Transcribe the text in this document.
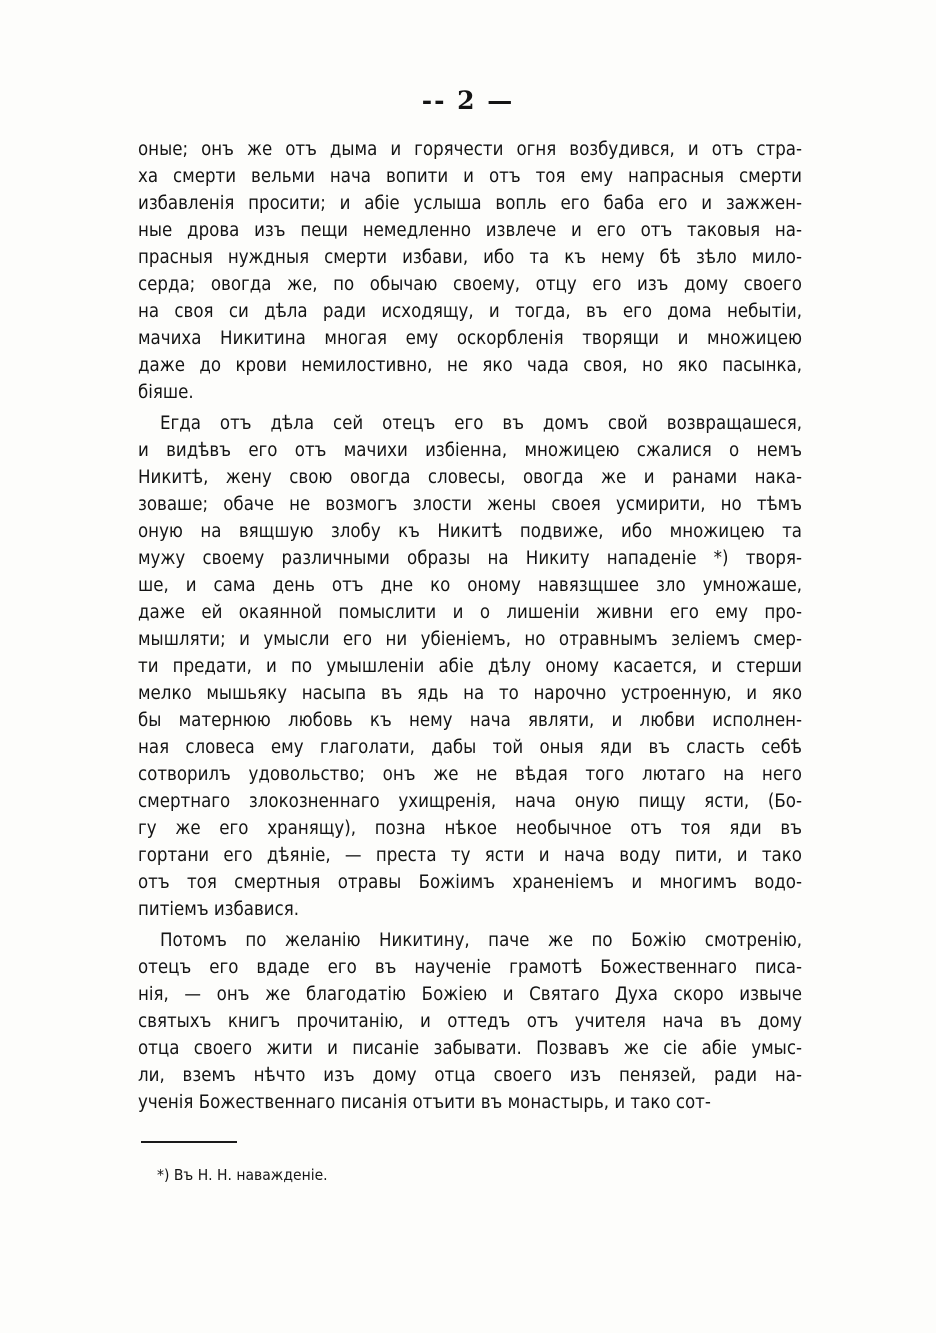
-- 2 —
оные; онъ же отъ дыма и горячести огня возбудився, и отъ стра-
ха смерти вельми нача вопити и отъ тоя ему напрасныя смерти
избавленія просити; и абіе услыша вопль его баба его и зажжен-
ные дрова изъ пещи немедленно извлече и его отъ таковыя на-
прасныя нуждныя смерти избави, ибо та къ нему бѣ зѣло мило-
серда; овогда же, по обычаю своему, отцу его изъ дому своего
на своя си дѣла ради исходящу, и тогда, въ его дома небытіи,
мачиха Никитина многая ему оскорбленія творящи и множицею
даже до крови немилостивно, не яко чада своя, но яко пасынка,
біяше.
Егда отъ дѣла сей отецъ его въ домъ свой возвращашеся,
и видѣвъ его отъ мачихи избіенна, множицею сжалися о немъ
Никитѣ, жену свою овогда словесы, овогда же и ранами нака-
зоваше; обаче не возмогъ злости жены своея усмирити, но тѣмъ
оную на вящшую злобу къ Никитѣ подвиже, ибо множицею та
мужу своему различными образы на Никиту нападеніе *) творя-
ше, и сама день отъ дне ко оному навязщшее зло умножаше,
даже ей окаянной помыслити и о лишеніи живни его ему про-
мышляти; и умысли его ни убіеніемъ, но отравнымъ зеліемъ смер-
ти предати, и по умышленіи абіе дѣлу оному касается, и стерши
мелко мышьяку насыпа въ ядь на то нарочно устроенную, и яко
бы матернюю любовь къ нему нача являти, и любви исполнен-
ная словеса ему глаголати, дабы той оныя яди въ сласть себѣ
сотворилъ удовольство; онъ же не вѣдая того лютаго на него
смертнаго злокозненнаго ухищренія, нача оную пищу ясти, (Бо-
гу же его хранящу), позна нѣкое необычное отъ тоя яди въ
гортани его дѣяніе, — преста ту ясти и нача воду пити, и тако
отъ тоя смертныя отравы Божіимъ храненіемъ и многимъ водо-
питіемъ избавися.
Потомъ по желанію Никитину, паче же по Божію смотренію,
отецъ его вдаде его въ наученіе грамотѣ Божественнаго писа-
нія, — онъ же благодатію Божіею и Святаго Духа скоро извыче
святыхъ книгъ прочитанію, и оттедъ отъ учителя нача въ дому
отца своего жити и писаніе забывати. Позвавъ же сіе абіе умыс-
ли, вземъ нѣчто изъ дому отца своего изъ пенязей, ради на-
ученія Божественнаго писанія отъити въ монастырь, и тако сот-
*) Въ Н. Н. наважденіе.
